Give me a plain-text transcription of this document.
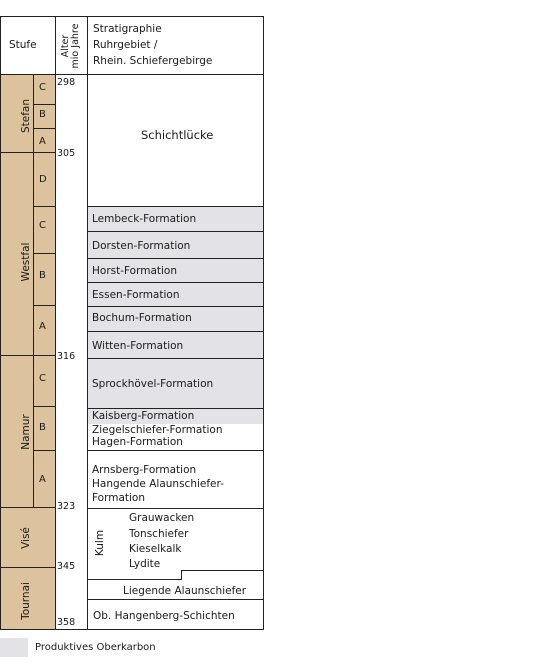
Stufe Alter mio Jahre Stratigraphie
Ruhrgebiet /
Rhein. Schiefergebirge
Stefan
Westfal
Namur
Visé
Tournai
C
B
A
D
C
B
A
C
B
A
298
305
316
323
345
358
Schichtlücke
Lembeck-Formation
Dorsten-Formation
Horst-Formation
Essen-Formation
Bochum-Formation
Witten-Formation
Sprockhövel-Formation
Kaisberg-Formation
Ziegelschiefer-Formation
Hagen-Formation
Arnsberg-Formation
Hangende Alaunschiefer-
Formation
Kulm
Grauwacken
Tonschiefer
Kieselkalk
Lydite
Liegende Alaunschiefer
Ob. Hangenberg-Schichten
Produktives Oberkarbon
